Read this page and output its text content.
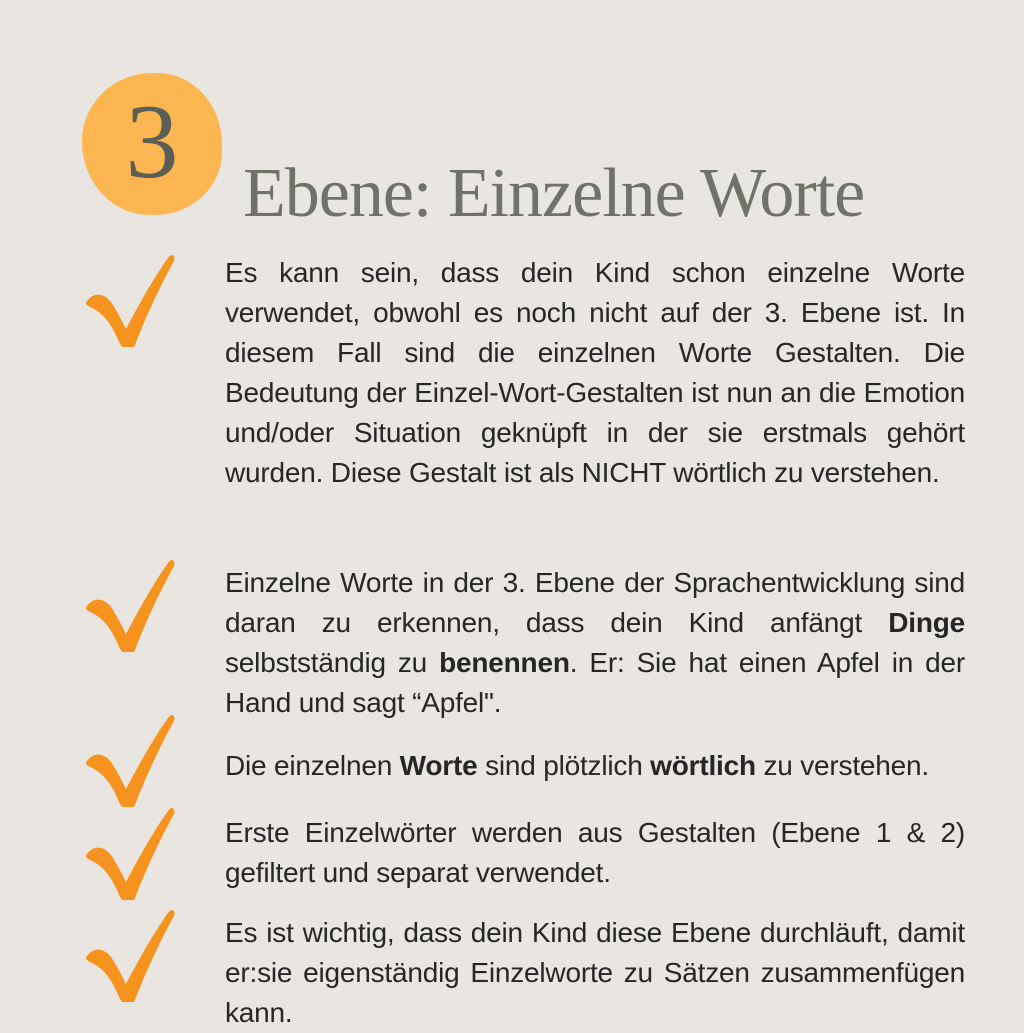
3 Ebene: Einzelne Worte

Es kann sein, dass dein Kind schon einzelne Worte verwendet, obwohl es noch nicht auf der 3. Ebene ist. In diesem Fall sind die einzelnen Worte Gestalten. Die Bedeutung der Einzel-Wort-Gestalten ist nun an die Emotion und/oder Situation geknüpft in der sie erstmals gehört wurden. Diese Gestalt ist als NICHT wörtlich zu verstehen.

Einzelne Worte in der 3. Ebene der Sprachentwicklung sind daran zu erkennen, dass dein Kind anfängt Dinge selbstständig zu benennen. Er: Sie hat einen Apfel in der Hand und sagt “Apfel".

Die einzelnen Worte sind plötzlich wörtlich zu verstehen.

Erste Einzelwörter werden aus Gestalten (Ebene 1 & 2) gefiltert und separat verwendet.

Es ist wichtig, dass dein Kind diese Ebene durchläuft, damit er:sie eigenständig Einzelworte zu Sätzen zusammenfügen kann.
